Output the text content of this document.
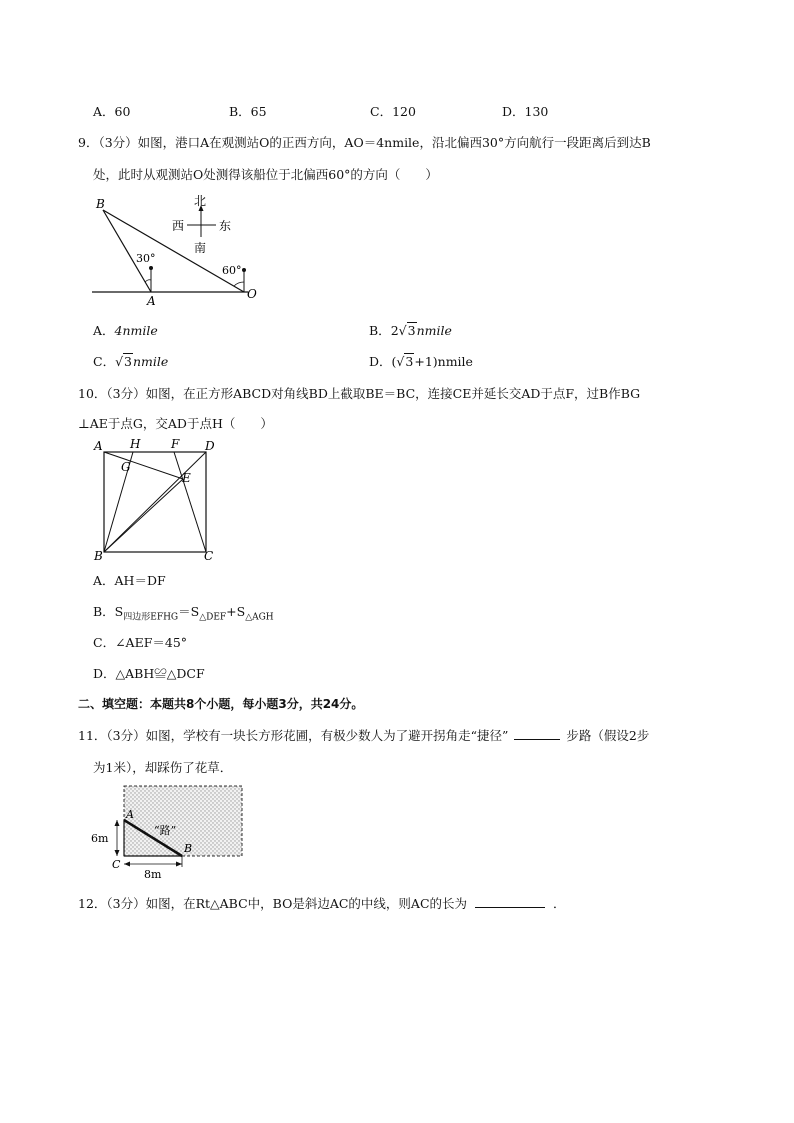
A．60	B．65	C．120	D．130
9．（3分）如图，港口A在观测站O的正西方向，AO＝4nmile，沿北偏西30°方向航行一段距离后到达B
处，此时从观测站O处测得该船位于北偏西60°的方向（　　）
B
A	O
30°
60°
北
西	东
南
A．4nmile	B．2√3nmile
C．√3nmile	D．(√3+1)nmile
10．（3分）如图，在正方形ABCD对角线BD上截取BE＝BC，连接CE并延长交AD于点F，过B作BG
⊥AE于点G，交AD于点H（　　）
A H	F D
G
E
B	C
A．AH＝DF
B．$S_{四边形EFHG}=S_{\triangle DEF}+S_{\triangle AGH}$
C．∠AEF＝45°
D．△ABH≌△DCF
二、填空题：本题共8个小题，每小题3分，共24分。
11．（3分）如图，学校有一块长方形花圃，有极少数人为了避开拐角走“捷径”	步路（假设2步
为1米），却踩伤了花草．
A
B
C
“路”
6m
8m
12．（3分）如图，在Rt△ABC中，BO是斜边AC的中线，则AC的长为	．
